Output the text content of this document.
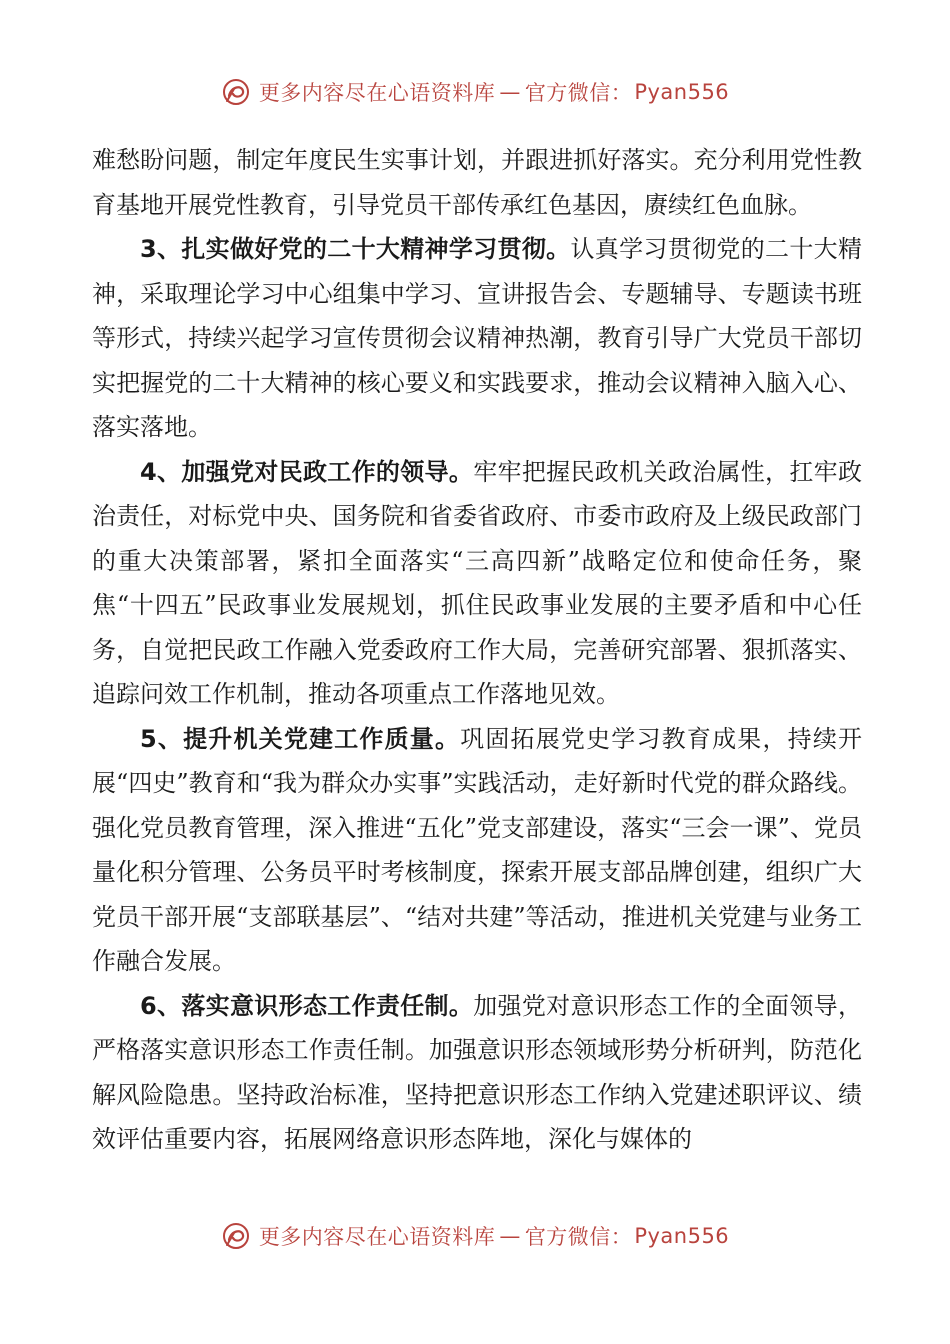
更多内容尽在心语资料库 — 官方微信： Pyan556

难愁盼问题，制定年度民生实事计划，并跟进抓好落实。充分利用党性教育基地开展党性教育，引导党员干部传承红色基因，赓续红色血脉。

3、扎实做好党的二十大精神学习贯彻。认真学习贯彻党的二十大精神，采取理论学习中心组集中学习、宣讲报告会、专题辅导、专题读书班等形式，持续兴起学习宣传贯彻会议精神热潮，教育引导广大党员干部切实把握党的二十大精神的核心要义和实践要求，推动会议精神入脑入心、落实落地。

4、加强党对民政工作的领导。牢牢把握民政机关政治属性，扛牢政治责任，对标党中央、国务院和省委省政府、市委市政府及上级民政部门的重大决策部署，紧扣全面落实“三高四新”战略定位和使命任务，聚焦“十四五”民政事业发展规划，抓住民政事业发展的主要矛盾和中心任务，自觉把民政工作融入党委政府工作大局，完善研究部署、狠抓落实、追踪问效工作机制，推动各项重点工作落地见效。

5、提升机关党建工作质量。巩固拓展党史学习教育成果，持续开展“四史”教育和“我为群众办实事”实践活动，走好新时代党的群众路线。强化党员教育管理，深入推进“五化”党支部建设，落实“三会一课”、党员量化积分管理、公务员平时考核制度，探索开展支部品牌创建，组织广大党员干部开展“支部联基层”、“结对共建”等活动，推进机关党建与业务工作融合发展。

6、落实意识形态工作责任制。加强党对意识形态工作的全面领导，严格落实意识形态工作责任制。加强意识形态领域形势分析研判，防范化解风险隐患。坚持政治标准，坚持把意识形态工作纳入党建述职评议、绩效评估重要内容，拓展网络意识形态阵地，深化与媒体的

更多内容尽在心语资料库 — 官方微信： Pyan556
